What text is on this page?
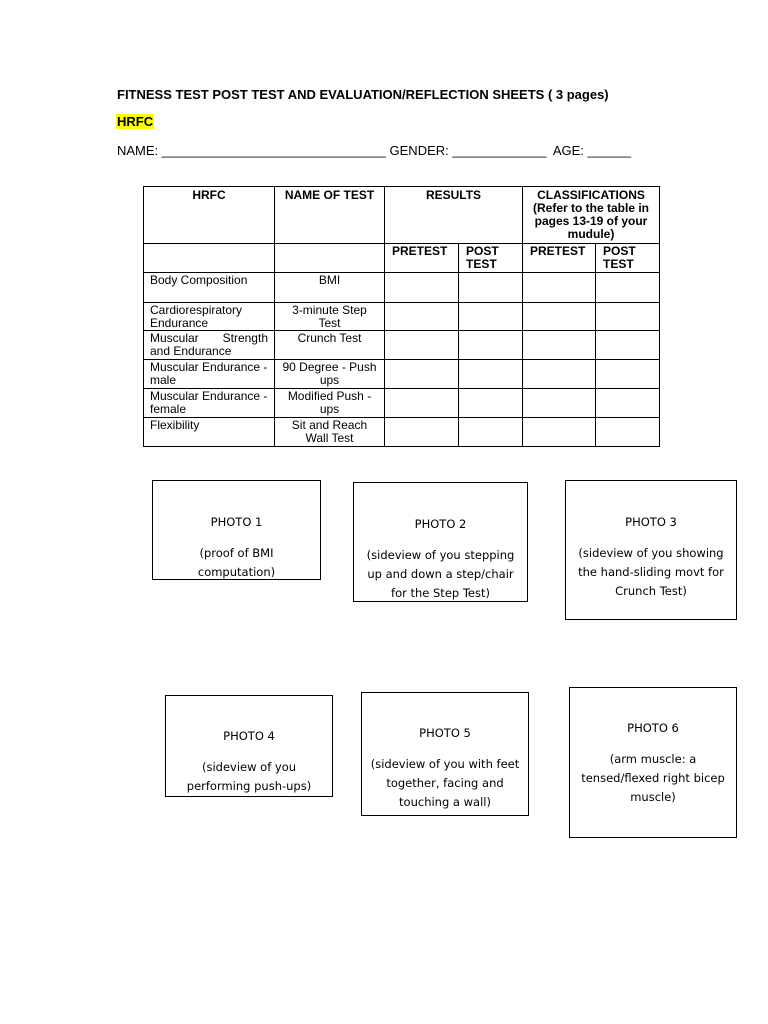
FITNESS TEST POST TEST AND EVALUATION/REFLECTION SHEETS ( 3 pages)
HRFC
NAME: _______________________________ GENDER: _____________  AGE: ______
HRFC	NAME OF TEST	RESULTS		CLASSIFICATIONS (Refer to the table in pages 13-19 of your mudule)	
		PRETEST	POST TEST	PRETEST	POST TEST
Body Composition	BMI				
Cardiorespiratory Endurance	3-minute Step Test				
Muscular Strength and Endurance	Crunch Test				
Muscular Endurance - male	90 Degree - Push ups				
Muscular Endurance - female	Modified Push - ups				
Flexibility	Sit and Reach Wall Test				
PHOTO 1
(proof of BMI computation)
PHOTO 2
(sideview of you stepping up and down a step/chair for the Step Test)
PHOTO 3
(sideview of you showing the hand-sliding movt for Crunch Test)
PHOTO 4
(sideview of you performing push-ups)
PHOTO 5
(sideview of you with feet together, facing and touching a wall)
PHOTO 6
(arm muscle: a tensed/flexed right bicep muscle)
